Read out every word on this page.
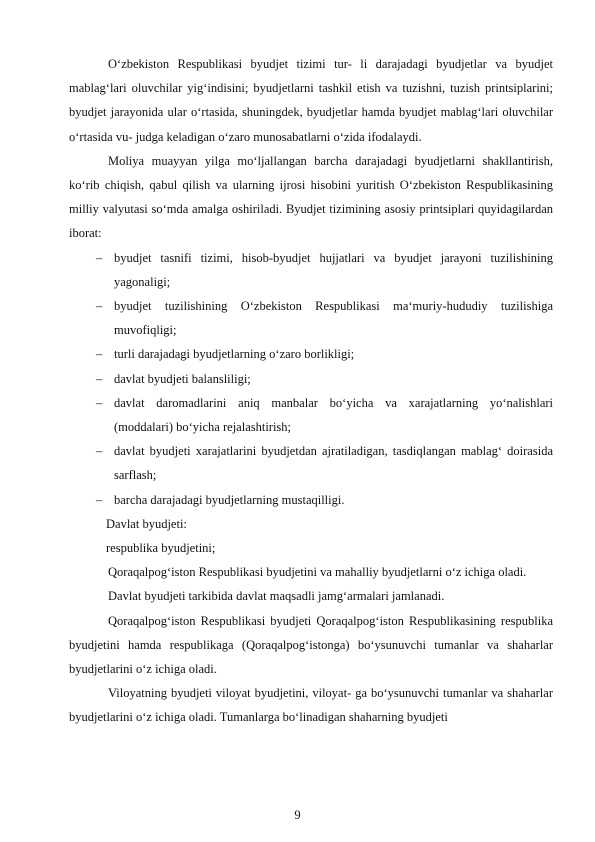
Oʻzbekiston Respublikasi byudjet tizimi tur- li darajadagi byudjetlar va byudjet mablagʻlari oluvchilar yigʻindisini; byudjetlarni tashkil etish va tuzishni, tuzish printsiplarini; byudjet jarayonida ular oʻrtasida, shuningdek, byudjetlar hamda byudjet mablagʻlari oluvchilar oʻrtasida vu- judga keladigan oʻzaro munosabatlarni oʻzida ifodalaydi.

Moliya muayyan yilga moʻljallangan barcha darajadagi byudjetlarni shakllantirish, koʻrib chiqish, qabul qilish va ularning ijrosi hisobini yuritish Oʻzbekiston Respublikasining milliy valyutasi soʻmda amalga oshiriladi. Byudjet tizimining asosiy printsiplari quyidagilardan iborat:

– byudjet tasnifi tizimi, hisob-byudjet hujjatlari va byudjet jarayoni tuzilishining yagonaligi;
– byudjet tuzilishining Oʻzbekiston Respublikasi maʻmuriy-hududiy tuzilishiga muvofiqligi;
– turli darajadagi byudjetlarning oʻzaro borlikligi;
– davlat byudjeti balansliligi;
– davlat daromadlarini aniq manbalar boʻyicha va xarajatlarning yoʻnalishlari (moddalari) boʻyicha rejalashtirish;
– davlat byudjeti xarajatlarini byudjetdan ajratiladigan, tasdiqlangan mablagʻ doirasida sarflash;
– barcha darajadagi byudjetlarning mustaqilligi.

Davlat byudjeti:

respublika byudjetini;

Qoraqalpogʻiston Respublikasi byudjetini va mahalliy byudjetlarni oʻz ichiga oladi.

Davlat byudjeti tarkibida davlat maqsadli jamgʻarmalari jamlanadi.

Qoraqalpogʻiston Respublikasi byudjeti Qoraqalpogʻiston Respublikasining respublika byudjetini hamda respublikaga (Qoraqalpogʻistonga) boʻysunuvchi tumanlar va shaharlar byudjetlarini oʻz ichiga oladi.

Viloyatning byudjeti viloyat byudjetini, viloyat- ga boʻysunuvchi tumanlar va shaharlar byudjetlarini oʻz ichiga oladi. Tumanlarga boʻlinadigan shaharning byudjeti

9
